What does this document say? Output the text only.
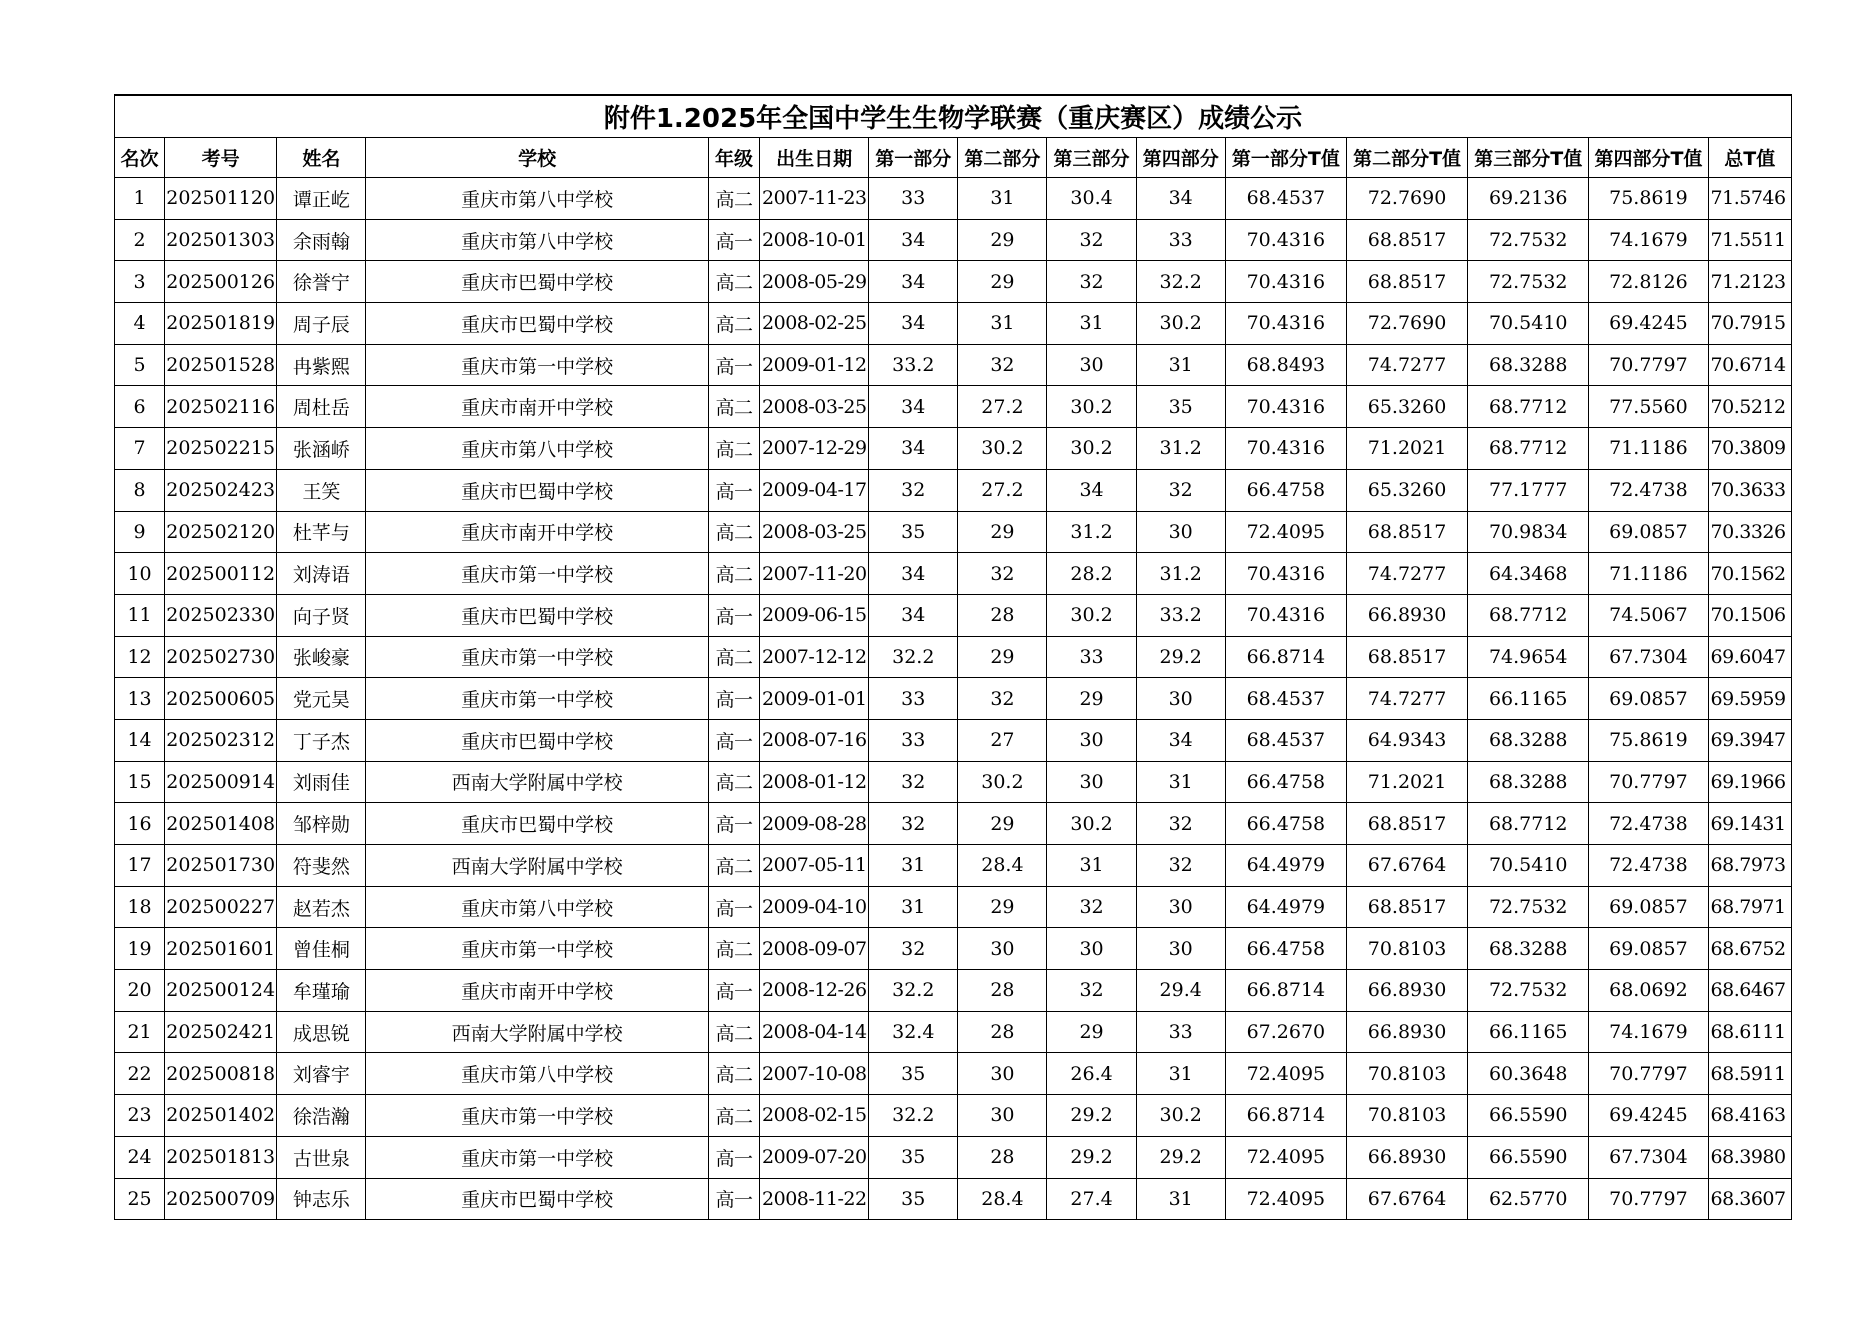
附件1.2025年全国中学生生物学联赛（重庆赛区）成绩公示														
名次	考号	姓名	学校	年级	出生日期	第一部分	第二部分	第三部分	第四部分	第一部分T值	第二部分T值	第三部分T值	第四部分T值	总T值
1	202501120	谭正屹	重庆市第八中学校	高二	2007-11-23	33	31	30.4	34	68.4537	72.7690	69.2136	75.8619	71.5746
2	202501303	余雨翰	重庆市第八中学校	高一	2008-10-01	34	29	32	33	70.4316	68.8517	72.7532	74.1679	71.5511
3	202500126	徐誉宁	重庆市巴蜀中学校	高二	2008-05-29	34	29	32	32.2	70.4316	68.8517	72.7532	72.8126	71.2123
4	202501819	周子辰	重庆市巴蜀中学校	高二	2008-02-25	34	31	31	30.2	70.4316	72.7690	70.5410	69.4245	70.7915
5	202501528	冉紫熙	重庆市第一中学校	高一	2009-01-12	33.2	32	30	31	68.8493	74.7277	68.3288	70.7797	70.6714
6	202502116	周杜岳	重庆市南开中学校	高二	2008-03-25	34	27.2	30.2	35	70.4316	65.3260	68.7712	77.5560	70.5212
7	202502215	张涵峤	重庆市第八中学校	高二	2007-12-29	34	30.2	30.2	31.2	70.4316	71.2021	68.7712	71.1186	70.3809
8	202502423	王笑	重庆市巴蜀中学校	高一	2009-04-17	32	27.2	34	32	66.4758	65.3260	77.1777	72.4738	70.3633
9	202502120	杜芊与	重庆市南开中学校	高二	2008-03-25	35	29	31.2	30	72.4095	68.8517	70.9834	69.0857	70.3326
10	202500112	刘涛语	重庆市第一中学校	高二	2007-11-20	34	32	28.2	31.2	70.4316	74.7277	64.3468	71.1186	70.1562
11	202502330	向子贤	重庆市巴蜀中学校	高一	2009-06-15	34	28	30.2	33.2	70.4316	66.8930	68.7712	74.5067	70.1506
12	202502730	张峻豪	重庆市第一中学校	高二	2007-12-12	32.2	29	33	29.2	66.8714	68.8517	74.9654	67.7304	69.6047
13	202500605	党元昊	重庆市第一中学校	高一	2009-01-01	33	32	29	30	68.4537	74.7277	66.1165	69.0857	69.5959
14	202502312	丁子杰	重庆市巴蜀中学校	高一	2008-07-16	33	27	30	34	68.4537	64.9343	68.3288	75.8619	69.3947
15	202500914	刘雨佳	西南大学附属中学校	高二	2008-01-12	32	30.2	30	31	66.4758	71.2021	68.3288	70.7797	69.1966
16	202501408	邹梓勋	重庆市巴蜀中学校	高一	2009-08-28	32	29	30.2	32	66.4758	68.8517	68.7712	72.4738	69.1431
17	202501730	符斐然	西南大学附属中学校	高二	2007-05-11	31	28.4	31	32	64.4979	67.6764	70.5410	72.4738	68.7973
18	202500227	赵若杰	重庆市第八中学校	高一	2009-04-10	31	29	32	30	64.4979	68.8517	72.7532	69.0857	68.7971
19	202501601	曾佳桐	重庆市第一中学校	高二	2008-09-07	32	30	30	30	66.4758	70.8103	68.3288	69.0857	68.6752
20	202500124	牟瑾瑜	重庆市南开中学校	高一	2008-12-26	32.2	28	32	29.4	66.8714	66.8930	72.7532	68.0692	68.6467
21	202502421	成思锐	西南大学附属中学校	高二	2008-04-14	32.4	28	29	33	67.2670	66.8930	66.1165	74.1679	68.6111
22	202500818	刘睿宇	重庆市第八中学校	高二	2007-10-08	35	30	26.4	31	72.4095	70.8103	60.3648	70.7797	68.5911
23	202501402	徐浩瀚	重庆市第一中学校	高二	2008-02-15	32.2	30	29.2	30.2	66.8714	70.8103	66.5590	69.4245	68.4163
24	202501813	古世泉	重庆市第一中学校	高一	2009-07-20	35	28	29.2	29.2	72.4095	66.8930	66.5590	67.7304	68.3980
25	202500709	钟志乐	重庆市巴蜀中学校	高一	2008-11-22	35	28.4	27.4	31	72.4095	67.6764	62.5770	70.7797	68.3607
